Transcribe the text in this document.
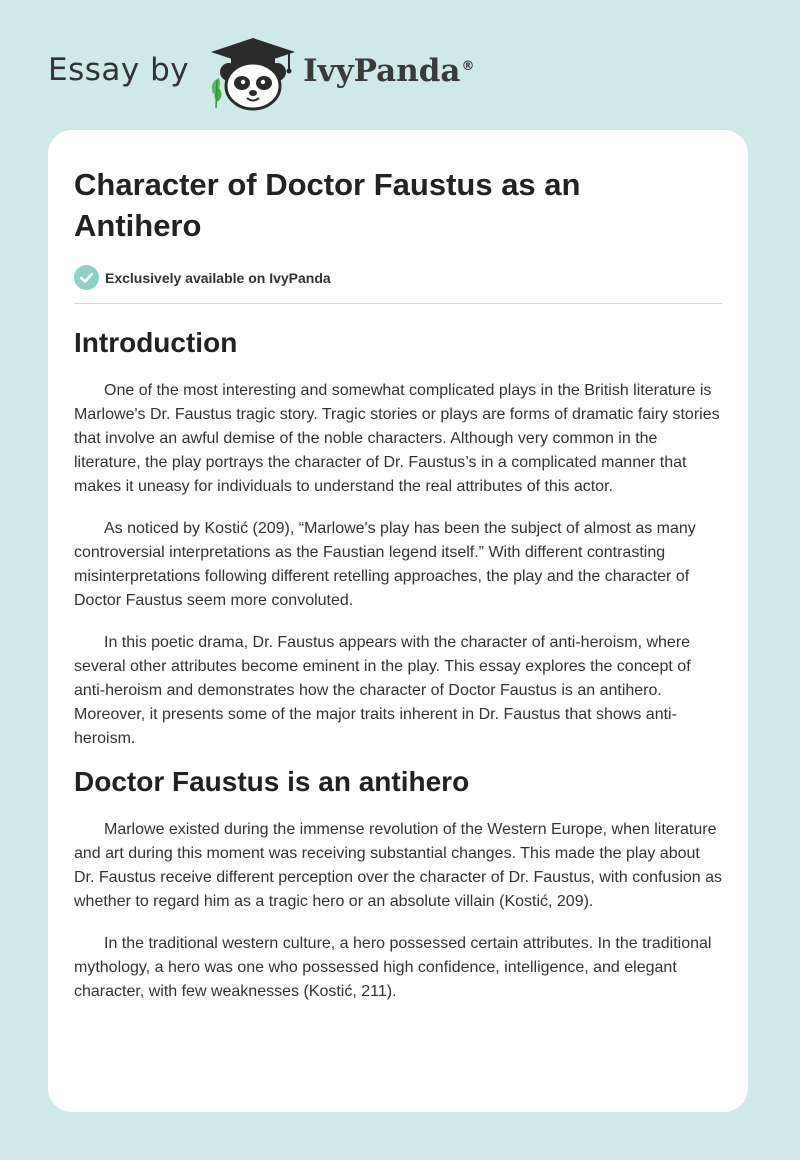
Essay by	IvyPanda®
Character of Doctor Faustus as an Antihero
Exclusively available on IvyPanda
Introduction

One of the most interesting and somewhat complicated plays in the British literature is Marlowe's Dr. Faustus tragic story. Tragic stories or plays are forms of dramatic fairy stories that involve an awful demise of the noble characters. Although very common in the literature, the play portrays the character of Dr. Faustus’s in a complicated manner that makes it uneasy for individuals to understand the real attributes of this actor.

As noticed by Kostić (209), “Marlowe's play has been the subject of almost as many controversial interpretations as the Faustian legend itself.” With different contrasting misinterpretations following different retelling approaches, the play and the character of Doctor Faustus seem more convoluted.

In this poetic drama, Dr. Faustus appears with the character of anti-heroism, where several other attributes become eminent in the play. This essay explores the concept of anti-heroism and demonstrates how the character of Doctor Faustus is an antihero. Moreover, it presents some of the major traits inherent in Dr. Faustus that shows anti-heroism.

Doctor Faustus is an antihero

Marlowe existed during the immense revolution of the Western Europe, when literature and art during this moment was receiving substantial changes. This made the play about Dr. Faustus receive different perception over the character of Dr. Faustus, with confusion as whether to regard him as a tragic hero or an absolute villain (Kostić, 209).

In the traditional western culture, a hero possessed certain attributes. In the traditional mythology, a hero was one who possessed high confidence, intelligence, and elegant character, with few weaknesses (Kostić, 211).
